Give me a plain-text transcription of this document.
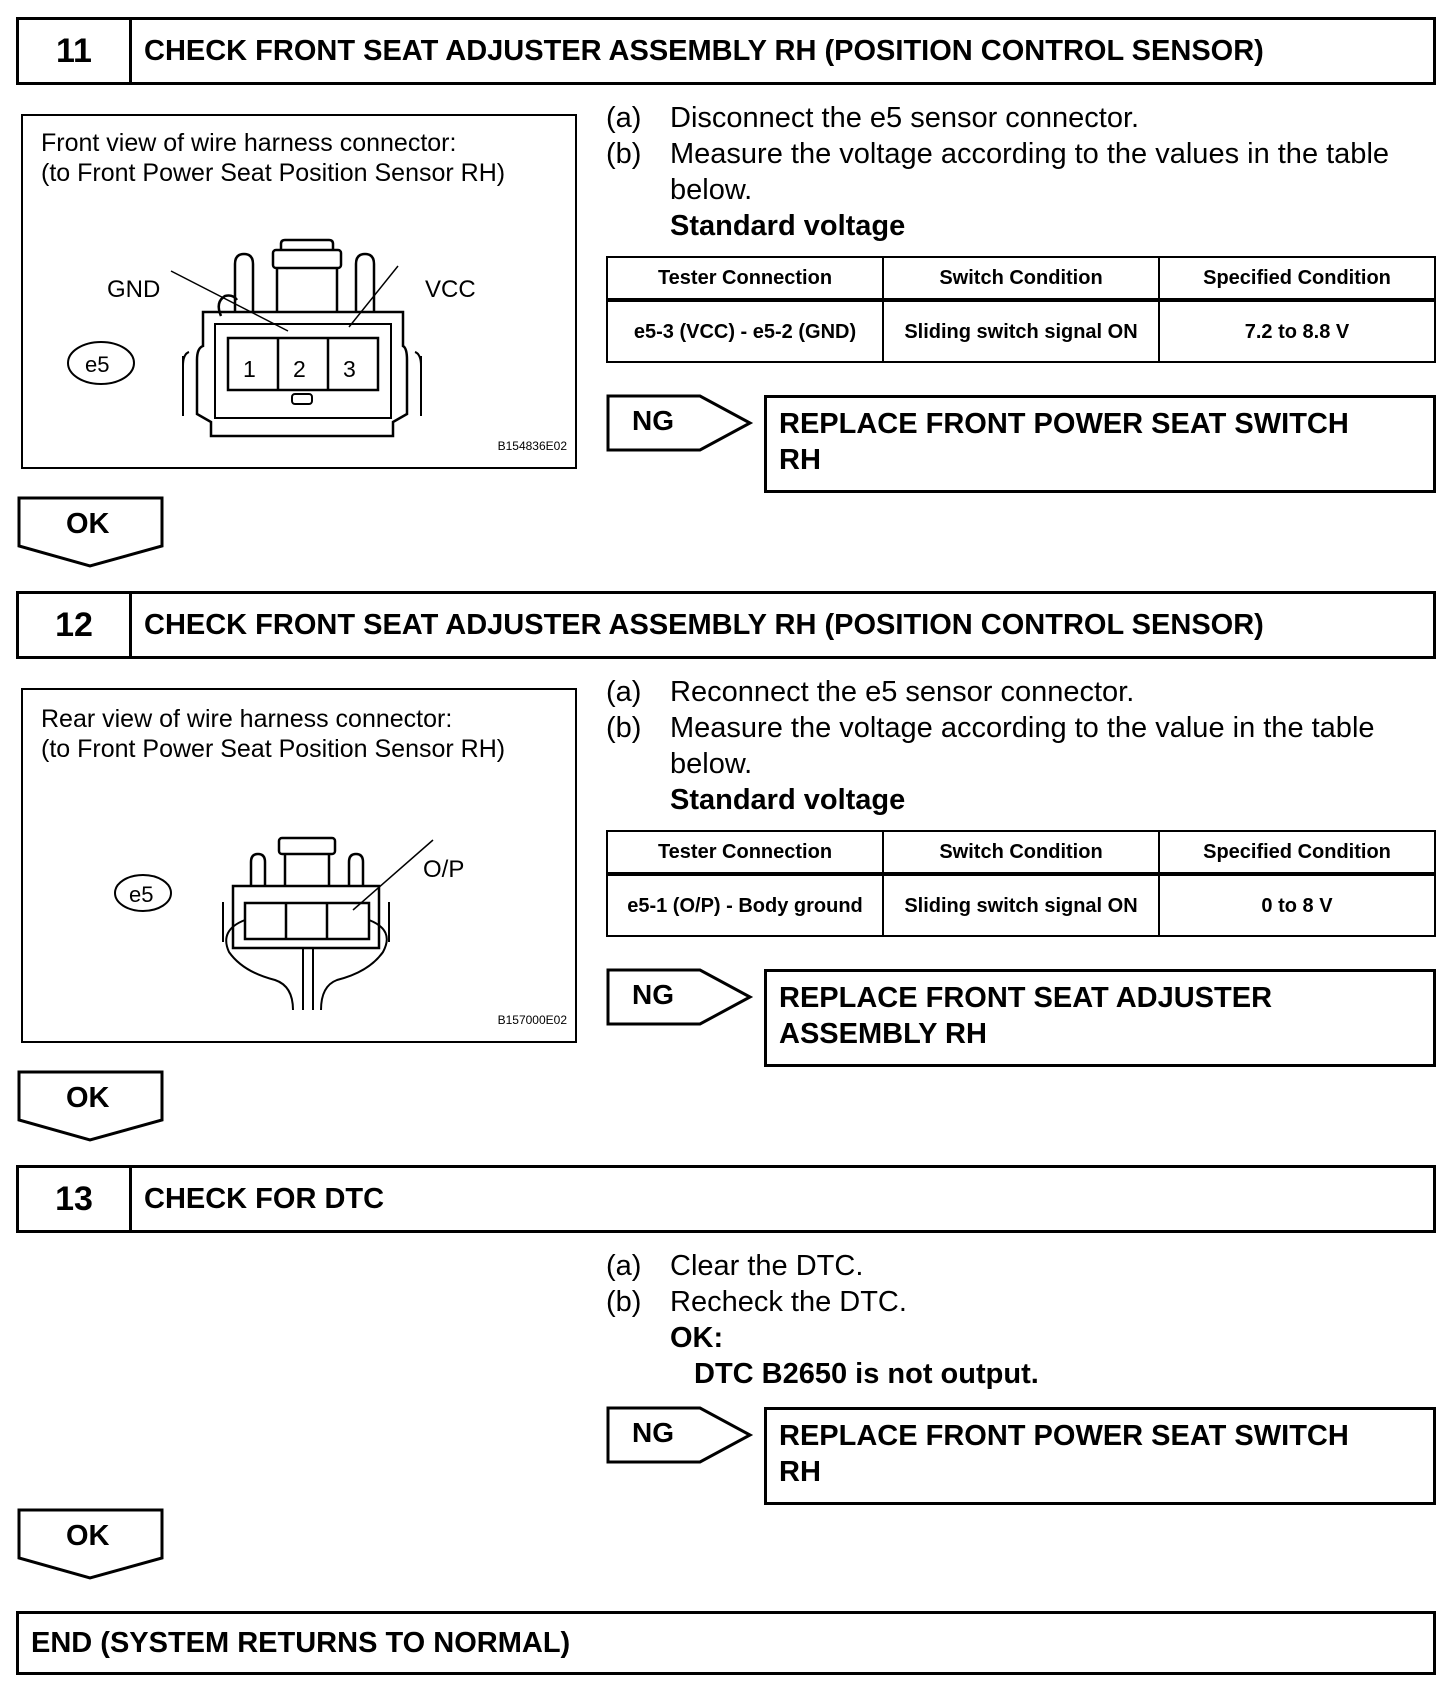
11	CHECK FRONT SEAT ADJUSTER ASSEMBLY RH (POSITION CONTROL SENSOR)
Front view of wire harness connector:
(to Front Power Seat Position Sensor RH)
GND	VCC
1 2 3
e5
B154836E02
(a) Disconnect the e5 sensor connector.
(b) Measure the voltage according to the values in the table
below.
Standard voltage
Tester Connection	Switch Condition	Specified Condition
e5-3 (VCC) - e5-2 (GND)	Sliding switch signal ON	7.2 to 8.8 V
NG	REPLACE FRONT POWER SEAT SWITCH RH
OK
12	CHECK FRONT SEAT ADJUSTER ASSEMBLY RH (POSITION CONTROL SENSOR)
Rear view of wire harness connector:
(to Front Power Seat Position Sensor RH)
O/P
e5
B157000E02
(a) Reconnect the e5 sensor connector.
(b) Measure the voltage according to the value in the table
below.
Standard voltage
Tester Connection	Switch Condition	Specified Condition
e5-1 (O/P) - Body ground	Sliding switch signal ON	0 to 8 V
NG	REPLACE FRONT SEAT ADJUSTER ASSEMBLY RH
OK
13	CHECK FOR DTC
(a) Clear the DTC.
(b) Recheck the DTC.
OK:
DTC B2650 is not output.
NG	REPLACE FRONT POWER SEAT SWITCH RH
OK
END (SYSTEM RETURNS TO NORMAL)
